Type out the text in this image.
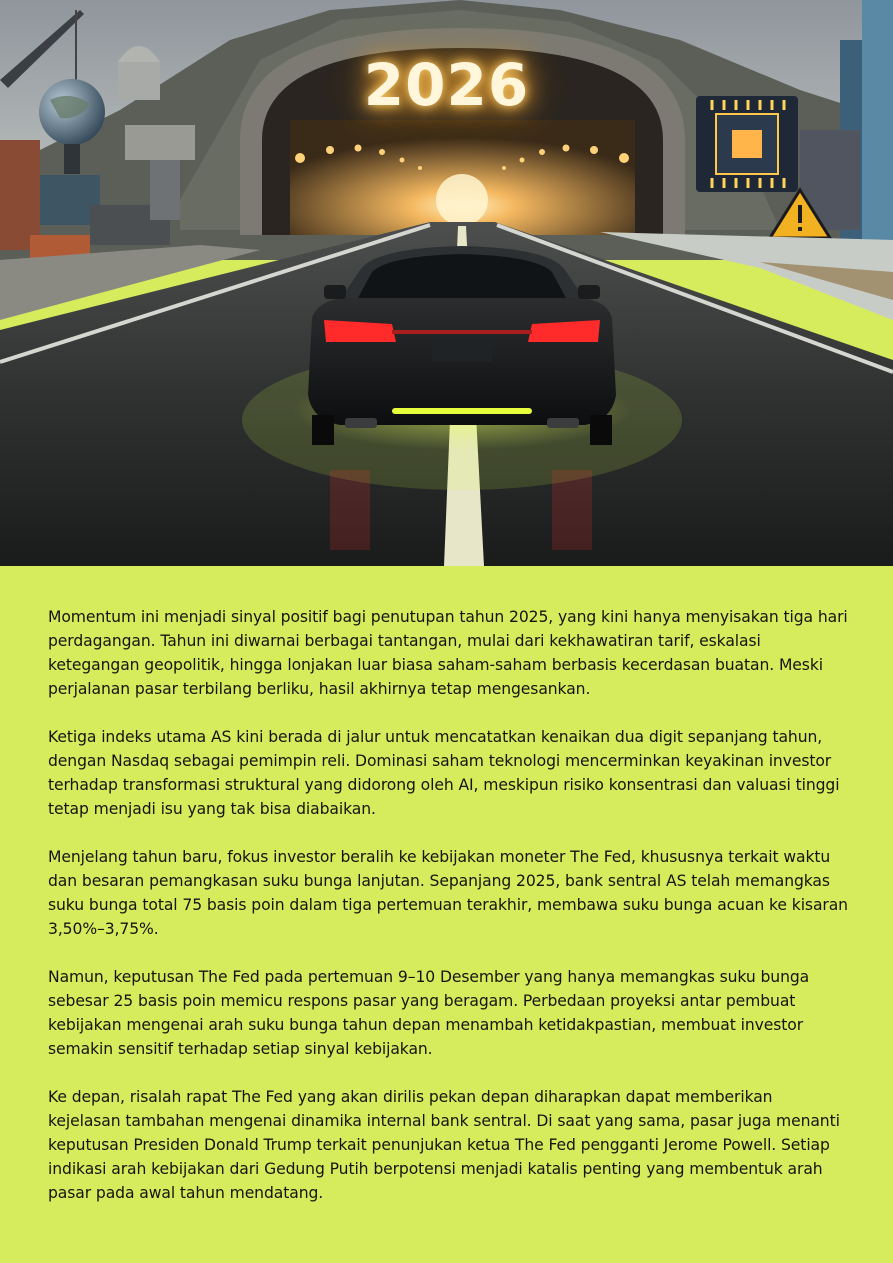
2026

Momentum ini menjadi sinyal positif bagi penutupan tahun 2025, yang kini hanya menyisakan tiga hari perdagangan. Tahun ini diwarnai berbagai tantangan, mulai dari kekhawatiran tarif, eskalasi ketegangan geopolitik, hingga lonjakan luar biasa saham-saham berbasis kecerdasan buatan. Meski perjalanan pasar terbilang berliku, hasil akhirnya tetap mengesankan.

Ketiga indeks utama AS kini berada di jalur untuk mencatatkan kenaikan dua digit sepanjang tahun, dengan Nasdaq sebagai pemimpin reli. Dominasi saham teknologi mencerminkan keyakinan investor terhadap transformasi struktural yang didorong oleh AI, meskipun risiko konsentrasi dan valuasi tinggi tetap menjadi isu yang tak bisa diabaikan.

Menjelang tahun baru, fokus investor beralih ke kebijakan moneter The Fed, khususnya terkait waktu dan besaran pemangkasan suku bunga lanjutan. Sepanjang 2025, bank sentral AS telah memangkas suku bunga total 75 basis poin dalam tiga pertemuan terakhir, membawa suku bunga acuan ke kisaran 3,50%–3,75%.

Namun, keputusan The Fed pada pertemuan 9–10 Desember yang hanya memangkas suku bunga sebesar 25 basis poin memicu respons pasar yang beragam. Perbedaan proyeksi antar pembuat kebijakan mengenai arah suku bunga tahun depan menambah ketidakpastian, membuat investor semakin sensitif terhadap setiap sinyal kebijakan.

Ke depan, risalah rapat The Fed yang akan dirilis pekan depan diharapkan dapat memberikan kejelasan tambahan mengenai dinamika internal bank sentral. Di saat yang sama, pasar juga menanti keputusan Presiden Donald Trump terkait penunjukan ketua The Fed pengganti Jerome Powell. Setiap indikasi arah kebijakan dari Gedung Putih berpotensi menjadi katalis penting yang membentuk arah pasar pada awal tahun mendatang.
